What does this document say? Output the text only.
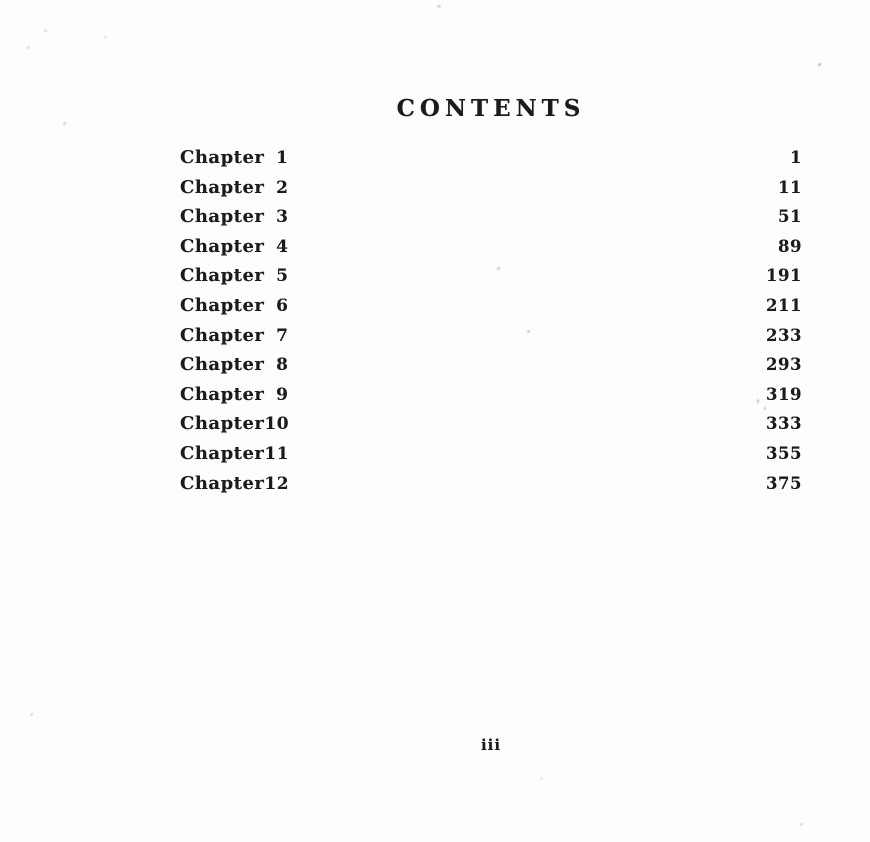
CONTENTS
Chapter 1	1
Chapter 2	11
Chapter 3	51
Chapter 4	89
Chapter 5	191
Chapter 6	211
Chapter 7	233
Chapter 8	293
Chapter 9	319
Chapter10	333
Chapter11	355
Chapter12	375
iii
